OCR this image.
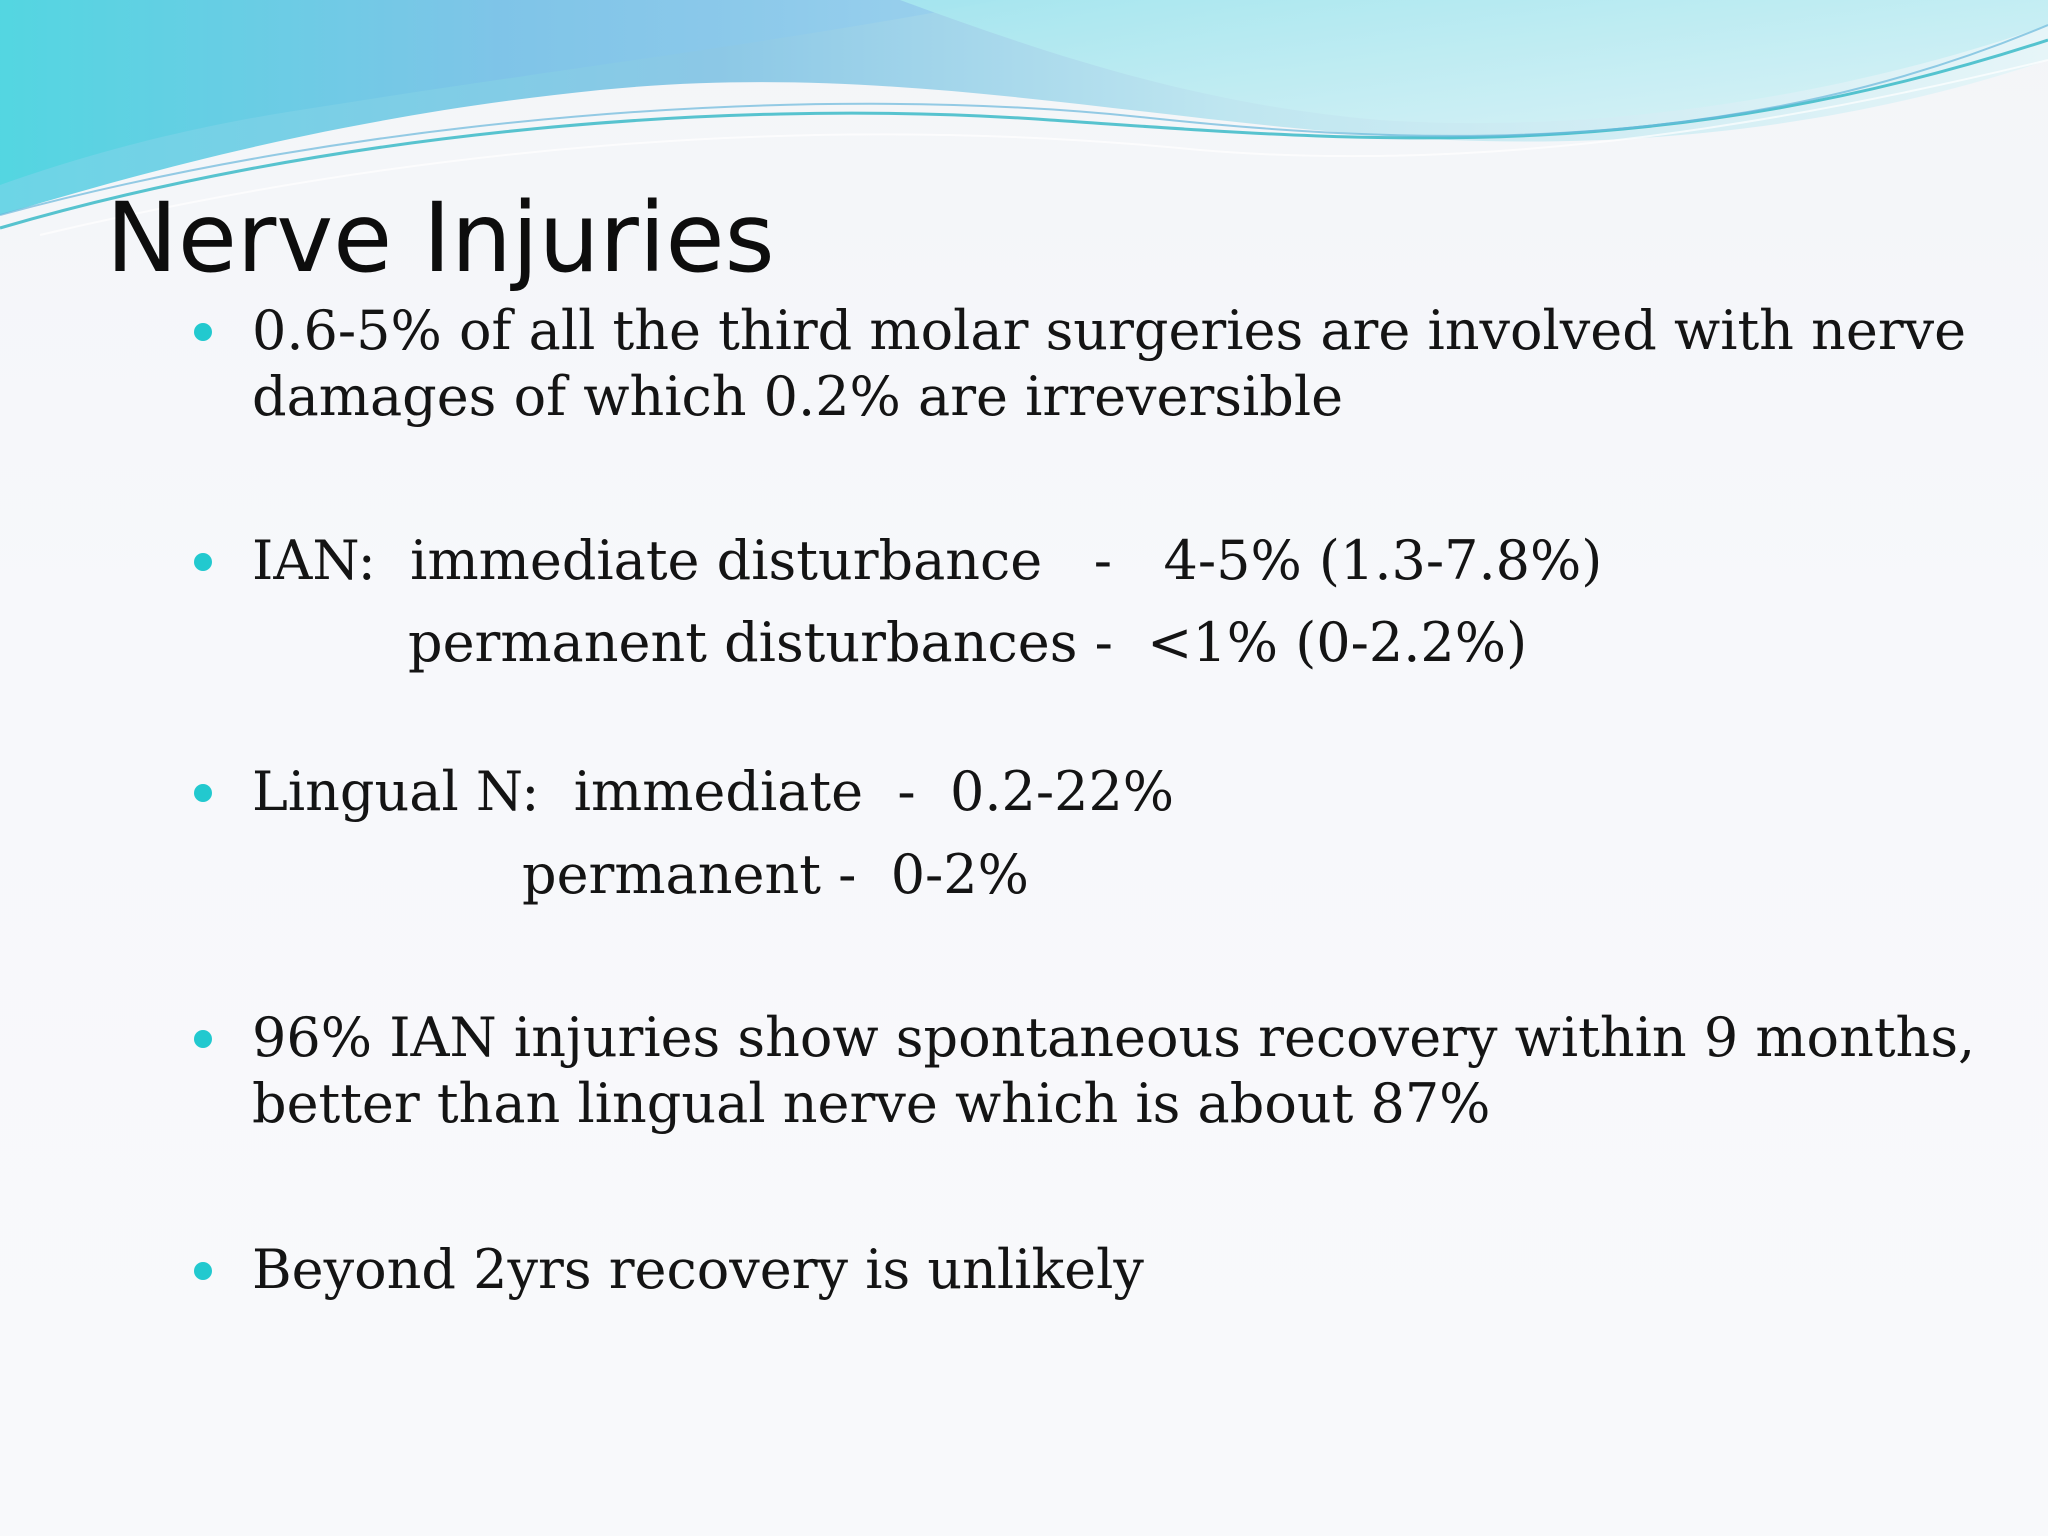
Nerve Injuries

0.6-5% of all the third molar surgeries are involved with nerve

damages of which 0.2% are irreversible

IAN:  immediate disturbance   -   4-5% (1.3-7.8%)

permanent disturbances -  <1% (0-2.2%)

Lingual N:  immediate  -  0.2-22%

permanent -  0-2%

96% IAN injuries show spontaneous recovery within 9 months,

better than lingual nerve which is about 87%

Beyond 2yrs recovery is unlikely
